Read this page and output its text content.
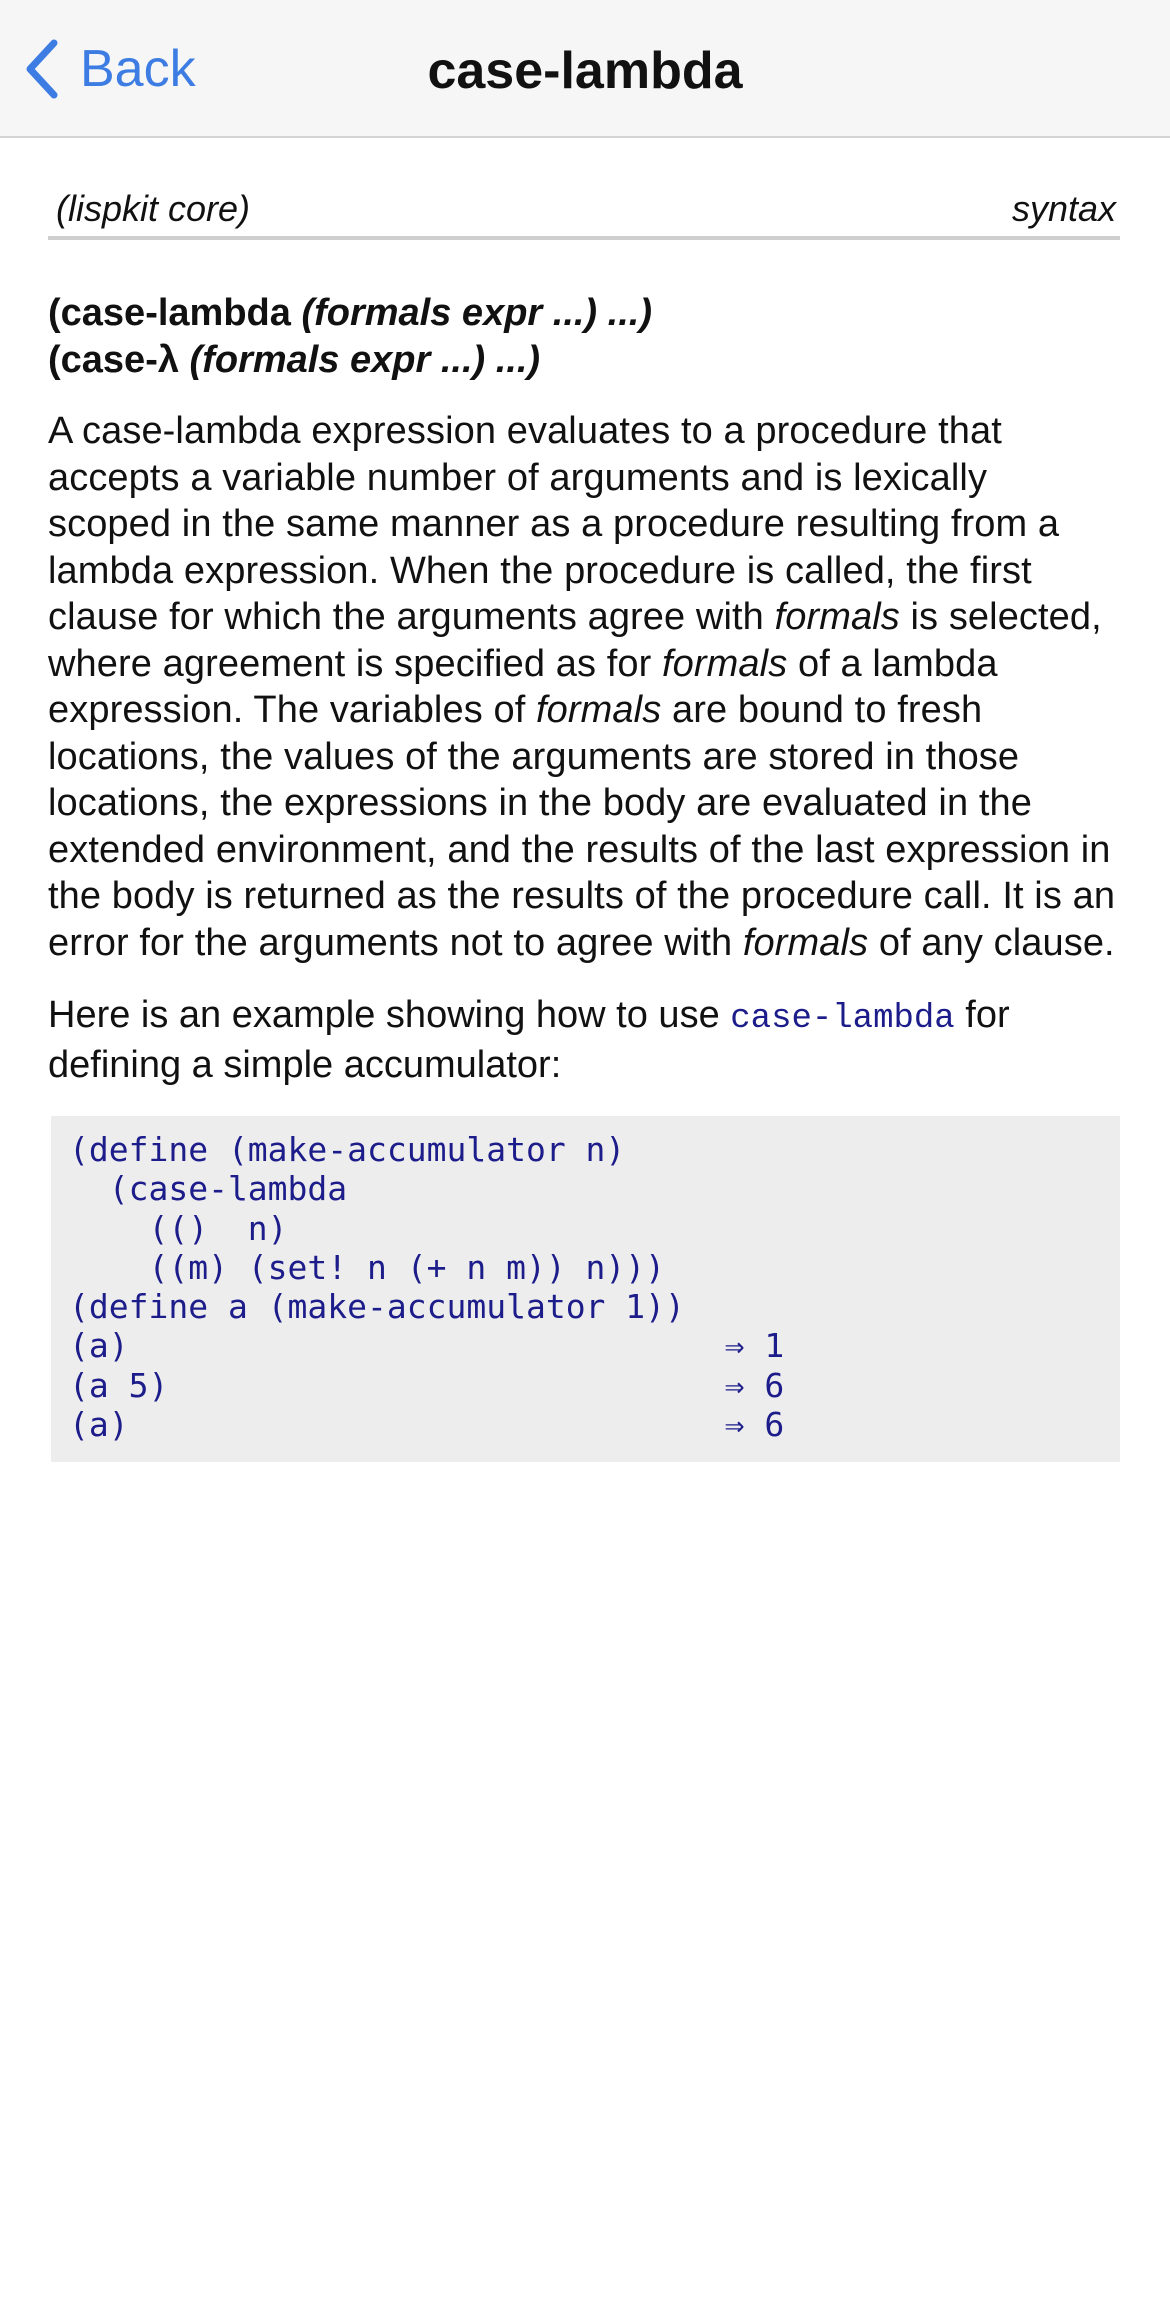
Back	case-lambda
(lispkit core)	syntax
(case-lambda (formals expr ...) ...)
(case-λ (formals expr ...) ...)
A case-lambda expression evaluates to a procedure that accepts a variable number of arguments and is lexically scoped in the same manner as a procedure resulting from a lambda expression. When the procedure is called, the first clause for which the arguments agree with formals is selected, where agreement is specified as for formals of a lambda expression. The variables of formals are bound to fresh locations, the values of the arguments are stored in those locations, the expressions in the body are evaluated in the extended environment, and the results of the last expression in the body is returned as the results of the procedure call. It is an error for the arguments not to agree with formals of any clause.
Here is an example showing how to use case-lambda for defining a simple accumulator:
(define (make-accumulator n)
(case-lambda
(()  n)
((m) (set! n (+ n m)) n)))
(define a (make-accumulator 1))
(a)                              ⇒ 1
(a 5)                            ⇒ 6
(a)                              ⇒ 6
